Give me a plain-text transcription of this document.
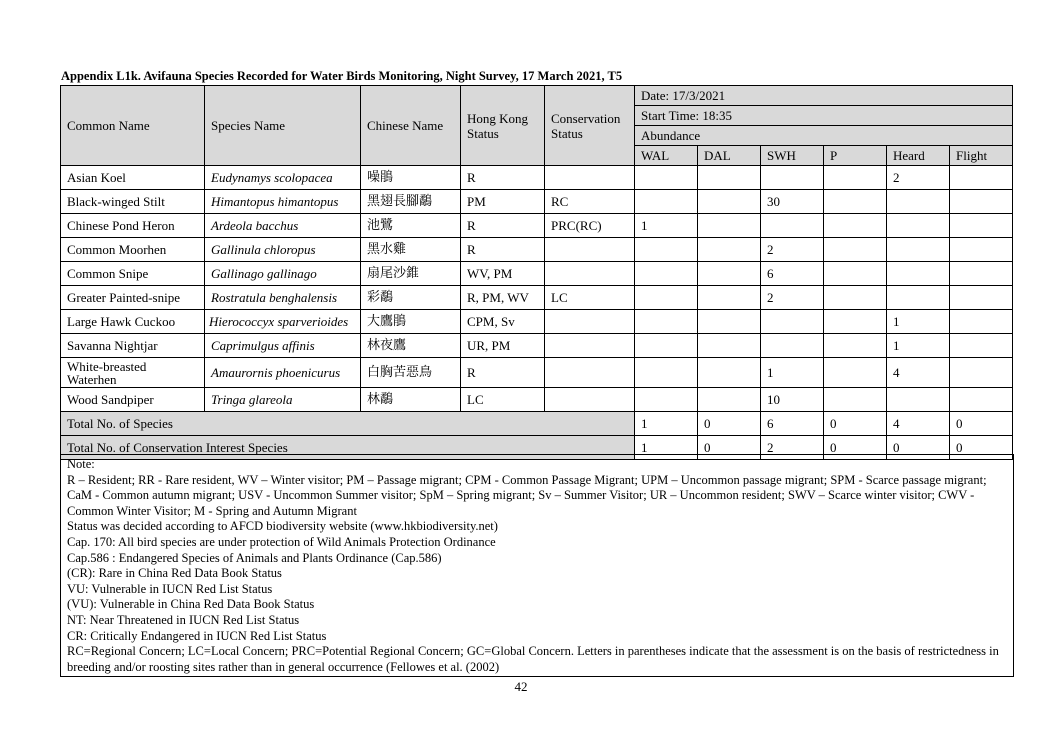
Appendix L1k. Avifauna Species Recorded for Water Birds Monitoring, Night Survey, 17 March 2021, T5
Common Name	Species Name	Chinese Name	Hong Kong Status	Conservation Status	Date: 17/3/2021					
					Start Time: 18:35					
					Abundance					
					WAL	DAL	SWH	P	Heard	Flight
Asian Koel	Eudynamys scolopacea	噪鵑	R						2	
Black-winged Stilt	Himantopus himantopus	黑翅長腳鷸	PM	RC			30			
Chinese Pond Heron	Ardeola bacchus	池鷺	R	PRC(RC)	1					
Common Moorhen	Gallinula chloropus	黑水雞	R				2			
Common Snipe	Gallinago gallinago	扇尾沙錐	WV, PM				6			
Greater Painted-snipe	Rostratula benghalensis	彩鷸	R, PM, WV	LC			2			
Large Hawk Cuckoo	Hierococcyx sparverioides	大鷹鵑	CPM, Sv						1	
Savanna Nightjar	Caprimulgus affinis	林夜鷹	UR, PM						1	
White-breasted Waterhen	Amaurornis phoenicurus	白胸苦惡鳥	R				1		4	
Wood Sandpiper	Tringa glareola	林鷸	LC				10			
Total No. of Species					1	0	6	0	4	0
Total No. of Conservation Interest Species					1	0	2	0	0	0
Note:
R – Resident; RR - Rare resident, WV – Winter visitor; PM – Passage migrant; CPM - Common Passage Migrant; UPM – Uncommon passage migrant; SPM - Scarce passage migrant; CaM - Common autumn migrant; USV - Uncommon Summer visitor; SpM – Spring migrant; Sv – Summer Visitor; UR – Uncommon resident; SWV – Scarce winter visitor; CWV - Common Winter Visitor; M - Spring and Autumn Migrant
Status was decided according to AFCD biodiversity website (www.hkbiodiversity.net)
Cap. 170: All bird species are under protection of Wild Animals Protection Ordinance
Cap.586 : Endangered Species of Animals and Plants Ordinance (Cap.586)
(CR): Rare in China Red Data Book Status
VU: Vulnerable in IUCN Red List Status
(VU): Vulnerable in China Red Data Book Status
NT: Near Threatened in IUCN Red List Status
CR: Critically Endangered in IUCN Red List Status
RC=Regional Concern; LC=Local Concern; PRC=Potential Regional Concern; GC=Global Concern. Letters in parentheses indicate that the assessment is on the basis of restrictedness in breeding and/or roosting sites rather than in general occurrence (Fellowes et al. (2002)
42
